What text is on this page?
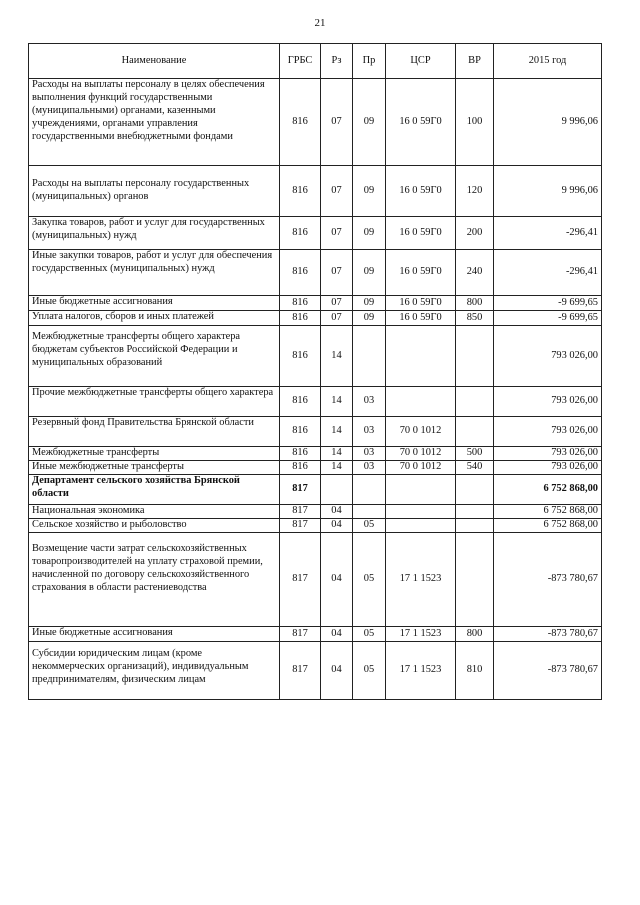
21
Наименование	ГРБС	Рз	Пр	ЦСР	ВР	2015 год
Расходы на выплаты персоналу в целях обеспечения выполнения функций государственными (муниципальными) органами, казенными учреждениями, органами управления государственными внебюджетными фондами	816	07	09	16 0 59Г0	100	9 996,06
Расходы на выплаты персоналу государственных (муниципальных) органов	816	07	09	16 0 59Г0	120	9 996,06
Закупка товаров, работ и услуг для государственных (муниципальных) нужд	816	07	09	16 0 59Г0	200	-296,41
Иные закупки товаров, работ и услуг для обеспечения государственных (муниципальных) нужд	816	07	09	16 0 59Г0	240	-296,41
Иные бюджетные ассигнования	816	07	09	16 0 59Г0	800	-9 699,65
Уплата налогов, сборов и иных платежей	816	07	09	16 0 59Г0	850	-9 699,65
Межбюджетные трансферты общего характера бюджетам субъектов Российской Федерации и муниципальных образований	816	14				793 026,00
Прочие межбюджетные трансферты общего характера	816	14	03			793 026,00
Резервный фонд Правительства Брянской области	816	14	03	70 0 1012		793 026,00
Межбюджетные трансферты	816	14	03	70 0 1012	500	793 026,00
Иные межбюджетные трансферты	816	14	03	70 0 1012	540	793 026,00
Департамент сельского хозяйства Брянской области	817					6 752 868,00
Национальная экономика	817	04				6 752 868,00
Сельское хозяйство и рыболовство	817	04	05			6 752 868,00
Возмещение части затрат сельскохозяйственных товаропроизводителей на уплату страховой премии, начисленной по договору сельскохозяйственного страхования в области растениеводства	817	04	05	17 1 1523		-873 780,67
Иные бюджетные ассигнования	817	04	05	17 1 1523	800	-873 780,67
Субсидии юридическим лицам (кроме некоммерческих организаций), индивидуальным предпринимателям, физическим лицам	817	04	05	17 1 1523	810	-873 780,67
